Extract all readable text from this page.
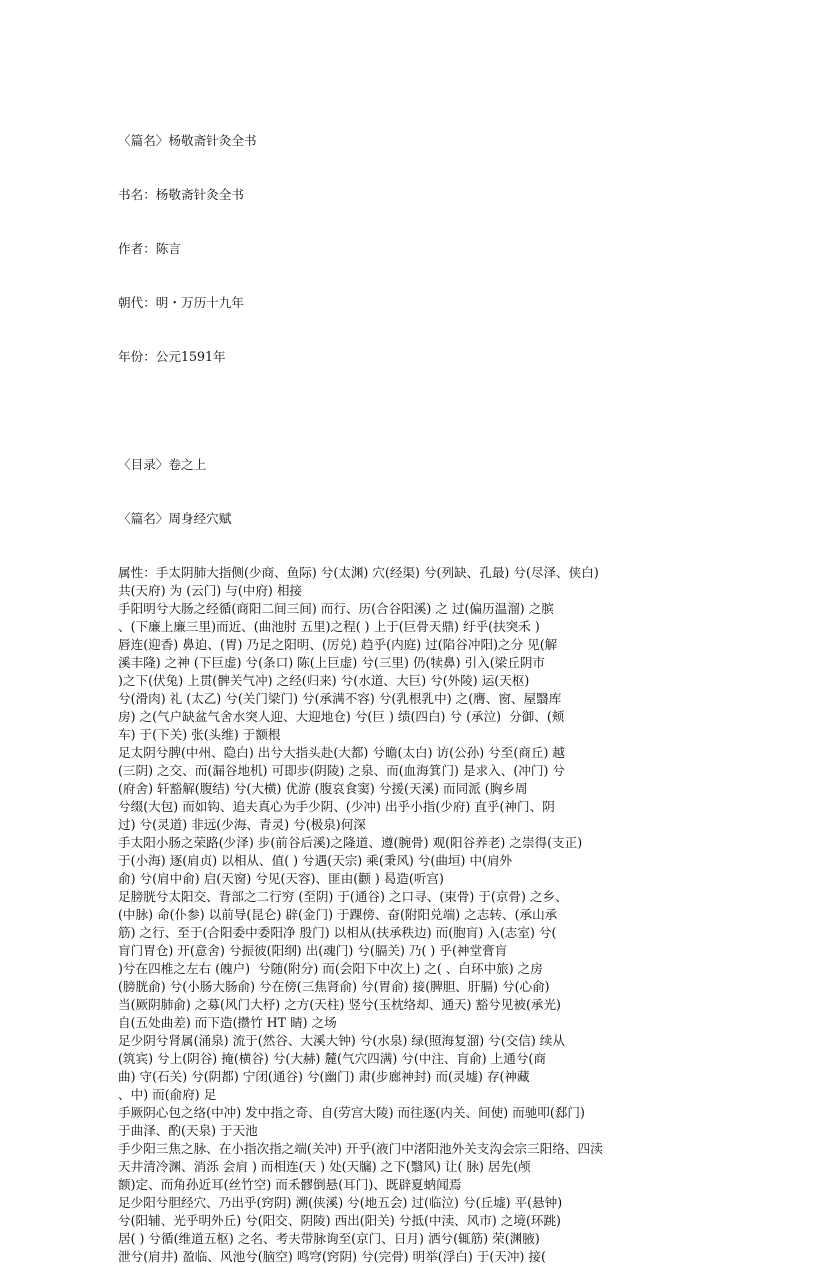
〈篇名〉杨敬斋针灸全书

书名：杨敬斋针灸全书

作者：陈言

朝代：明・万历十九年

年份：公元1591年

〈目录〉卷之上

〈篇名〉周身经穴赋

属性：手太阴肺大指侧(少商、鱼际) 兮(太渊) 穴(经渠) 兮(列缺、孔最) 兮(尽泽、侠白)
共(天府) 为 (云门) 与(中府) 相接
手阳明兮大肠之经循(商阳二间三间) 而行、历(合谷阳溪) 之 过(偏历温溜) 之膑
、(下廉上廉三里)而近、(曲池肘 五里)之程( ) 上于(巨骨天鼎) 纡乎(扶突禾 )
唇连(迎香) 鼻迫、(胃) 乃足之阳明、(厉兑) 趋乎(内庭) 过(陷谷冲阳)之分 见(解
溪丰隆) 之神 (下巨虚) 兮(条口) 陈(上巨虚) 兮(三里) 仍(犊鼻) 引入(梁丘阴市
)之下(伏兔) 上贯(髀关气冲) 之经(归来) 兮(水道、大巨) 兮(外陵) 运(天枢)
兮(滑肉) 礼 (太乙) 兮(关门梁门) 兮(承满不容) 兮(乳根乳中) 之(膺、窗、屋翳库
房) 之(气户缺盆气舍水突人迎、大迎地仓) 兮(巨 ) 绩(四白) 兮 (承泣)  分御、(颊
车) 于(下关) 张(头维) 于额根
足太阴兮脾(中州、隐白) 出兮大指头赴(大都) 兮瞻(太白) 访(公孙) 兮至(商丘) 越
(三阴) 之交、而(漏谷地机) 可即步(阴陵) 之泉、而(血海箕门) 是求入、(冲门) 兮
(府舍) 轩豁解(腹结) 兮(大横) 优游 (腹哀食窦) 兮援(天溪) 而同派 (胸乡周
兮缀(大包) 而如钩、追夫真心为手少阴、(少冲) 出乎小指(少府) 直乎(神门、阴
过) 兮(灵道) 非远(少海、青灵) 兮(极泉)何深
手太阳小肠之荣路(少泽) 步(前谷后溪)之隆道、遵(腕骨) 观(阳谷养老) 之崇得(支正)
于(小海) 逐(肩贞) 以相从、值( ) 兮遇(天宗) 乘(秉风) 兮(曲垣) 中(肩外
俞) 兮(肩中俞) 启(天窗) 兮见(天容)、匪由(颧 ) 曷造(听宫)
足膀胱兮太阳交、背部之二行穷 (至阴) 于(通谷) 之口寻、(束骨) 于(京骨) 之乡、
(中脉) 命(仆参) 以前导(昆仑) 辟(金门) 于踝傍、奋(附阳兑端) 之志转、(承山承
筋) 之行、至于(合阳委中委阳净 殷门) 以相从(扶承秩边) 而(胞肓) 入(志室) 兮(
肓门胃仓) 开(意舍) 兮振彼(阳纲) 出(魂门) 兮(膈关) 乃( ) 乎(神堂膏肓
)兮在四椎之左右 (魄户)  兮随(附分) 而(会阳下中次上) 之( 、白环中旅) 之房
(膀胱俞) 兮(小肠大肠俞) 兮在傍(三焦肾俞) 兮(胃俞) 接(脾胆、肝膈) 兮(心俞)
当(厥阴肺俞) 之募(风门大杼) 之方(天柱) 竖兮(玉枕络却、通天) 豁兮见被(承光)
自(五处曲差) 而下造(攒竹 HT 睛) 之场
足少阴兮肾属(涌泉) 流于(然谷、大溪大钟) 兮(水泉) 绿(照海复溜) 兮(交信) 续从
(筑宾) 兮上(阴谷) 掩(横谷) 兮(大赫) 麓(气穴四满) 兮(中注、肓俞) 上通兮(商
曲) 守(石关) 兮(阴都) 宁闭(通谷) 兮(幽门) 肃(步廊神封) 而(灵墟) 存(神藏
、中) 而(俞府) 足
手厥阴心包之络(中冲) 发中指之奇、自(劳宫大陵) 而往逐(内关、间使) 而驰叩(郄门)
于曲泽、酌(天泉) 于天池
手少阳三焦之脉、在小指次指之端(关冲) 开乎(液门中渚阳池外关支沟会宗三阳络、四渎
天井清冷渊、消泺 会肩 ) 而相连(天 ) 处(天牖) 之下(翳风) 让( 脉) 居先(颅
额)定、而角孙近耳(丝竹空) 而禾髎倒悬(耳门)、既辟夏蚋闻焉
足少阳兮胆经穴、乃出乎(窍阴) 溯(侠溪) 兮(地五会) 过(临泣) 兮(丘墟) 平(悬钟)
兮(阳辅、光乎明外丘) 兮(阳交、阴陵) 西出(阳关) 兮抵(中渎、风市) 之境(环跳)
居( ) 兮循(维道五枢) 之名、考夫带脉询至(京门、日月) 洒兮(辄筋) 荣(渊腋)
泄兮(肩井) 盈临、风池兮(脑空) 鸣穹(窍阴) 兮(完骨) 明举(浮白) 于(天冲) 接(
